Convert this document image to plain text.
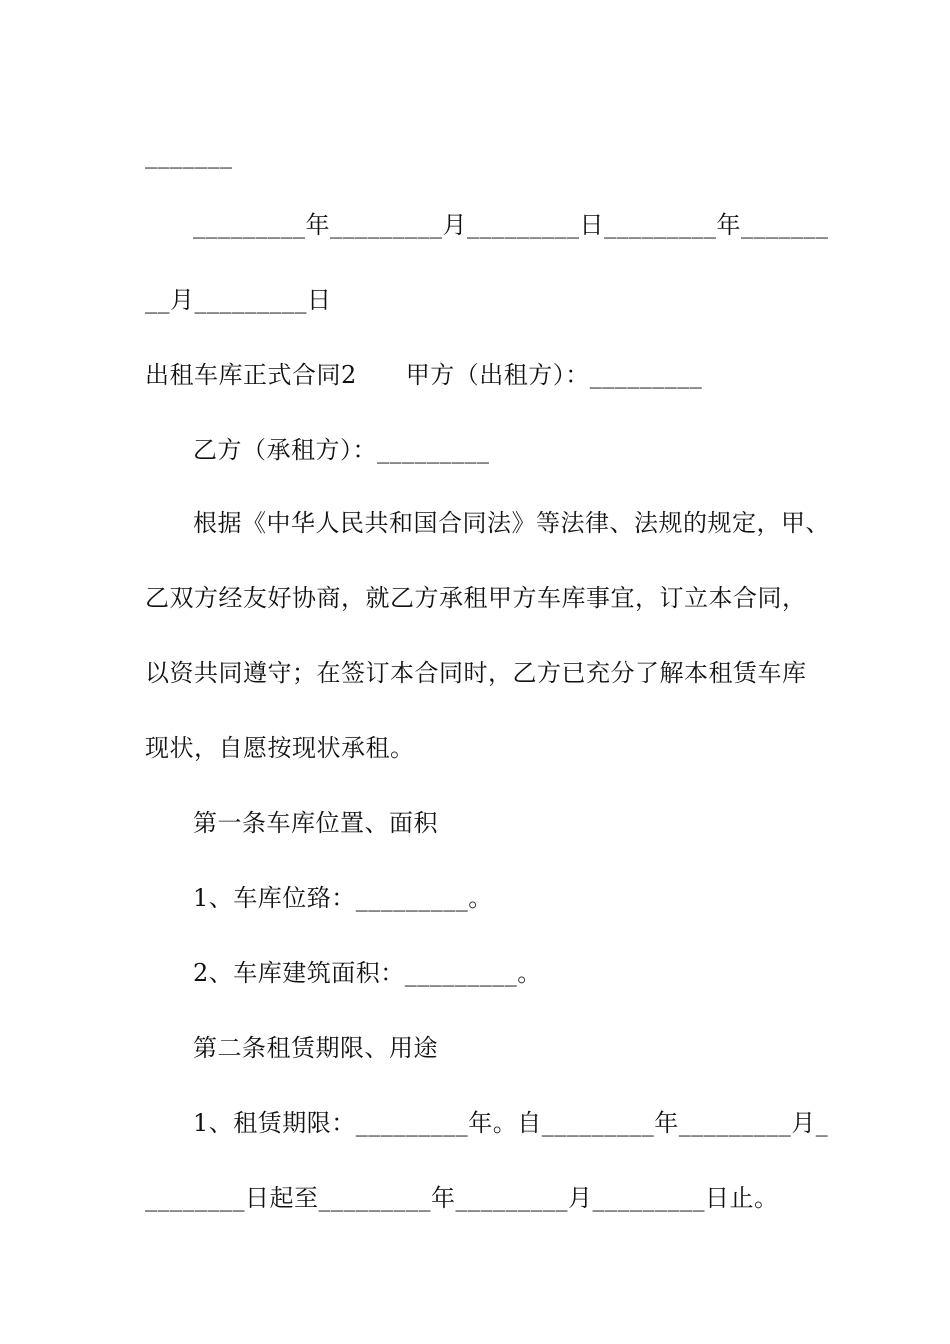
_______
_________年_________月_________日_________年_______
__月_________日
出租车库正式合同2　　甲方（出租方）：_________
乙方（承租方）：_________
根据《中华人民共和国合同法》等法律、法规的规定，甲、
乙双方经友好协商，就乙方承租甲方车库事宜，订立本合同，
以资共同遵守；在签订本合同时，乙方已充分了解本租赁车库
现状，自愿按现状承租。
第一条车库位置、面积
1、车库位臵：_________。
2、车库建筑面积：_________。
第二条租赁期限、用途
1、租赁期限：_________年。自_________年_________月_
________日起至_________年_________月_________日止。
